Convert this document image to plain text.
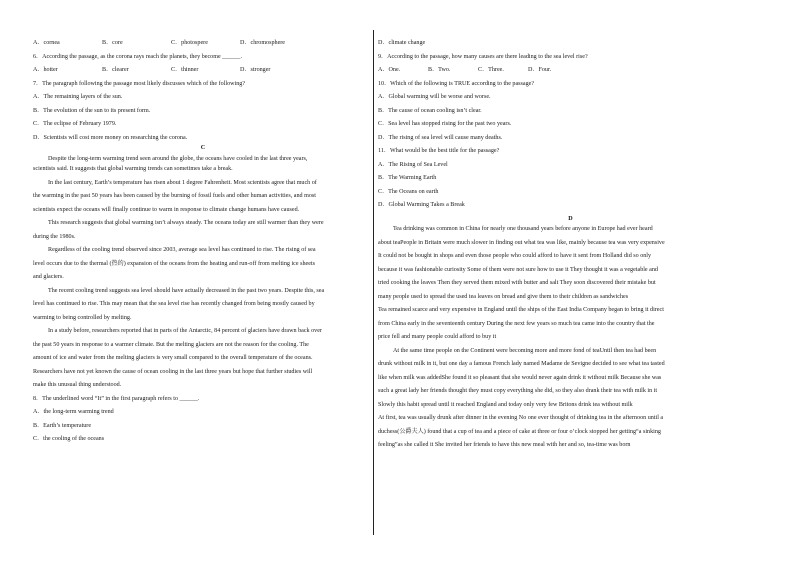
A．cornea	B．core	C．photospere	D．chromosphere
6．According the passage, as the corona rays reach the planets, they become ______.
A．hotter	B．clearer	C．thinner	D．stronger
7．The paragraph following the passage most likely discusses which of the following?
A．The remaining layers of the sun.
B．The evolution of the sun to its present form.
C．The eclipse of February 1979.
D．Scientists will cost more money on researching the corona.
C
Despite the long-term warming trend seen around the globe, the oceans have cooled in the last three years,
scientists said. It suggests that global warming trends can sometimes take a break.
In the last century, Earth’s temperature has risen about 1 degree Fahrenheit. Most scientists agree that much of
the warming in the past 50 years has been caused by the burning of fossil fuels and other human activities, and most
scientists expect the oceans will finally continue to warm in response to climate change humans have caused.
This research suggests that global warming isn’t always steady. The oceans today are still warmer than they were
during the 1980s.
Regardless of the cooling trend observed since 2003, average sea level has continued to rise. The rising of sea
level occurs due to the thermal (热的) expansion of the oceans from the heating and run-off from melting ice sheets
and glaciers.
The recent cooling trend suggests sea level should have actually decreased in the past two years. Despite this, sea
level has continued to rise. This may mean that the sea level rise has recently changed from being mostly caused by
warming to being controlled by melting.
In a study before, researchers reported that in parts of the Antarctic, 84 percent of glaciers have drawn back over
the past 50 years in response to a warmer climate. But the melting glaciers are not the reason for the cooling. The
amount of ice and water from the melting glaciers is very small compared to the overall temperature of the oceans.
Researchers have not yet known the cause of ocean cooling in the last three years but hope that further studies will
make this unusual thing understood.
8．The underlined word “It” in the first paragraph refers to ______.
A．the long-term warming trend
B．Earth’s temperature
C．the cooling of the oceans
D．climate change
9．According to the passage, how many causes are there leading to the sea level rise?
A．One.	B．Two.	C．Three.	D．Four.
10．Which of the following is TRUE according to the passage?
A．Global warming will be worse and worse.
B．The cause of ocean cooling isn’t clear.
C．Sea level has stopped rising for the past two years.
D．The rising of sea level will cause many deaths.
11．What would be the best title for the passage?
A．The Rising of Sea Level
B．The Warming Earth
C．The Oceans on earth
D．Global Warming Takes a Break
D
Tea drinking was common in China for nearly one thousand years before anyone in Europe had ever heard
about teaPeople in Britain were much slower in finding out what tea was like, mainly because tea was very expensive
It could not be bought in shops and even those people who could afford to have it sent from Holland did so only
because it was fashionable curiosity Some of them were not sure how to use it They thought it was a vegetable and
tried cooking the leaves Then they served them mixed with butter and salt They soon discovered their mistake but
many people used to spread the used tea leaves on bread and give them to their children as sandwiches
Tea remained scarce and very expensive in England until the ships of the East India Company began to bring it direct
from China early in the seventeenth century During the next few years so much tea came into the country that the
price fell and many people could afford to buy it
At the same time people on the Continent were becoming more and more fond of teaUntil then tea had been
drunk without milk in it, but one day a famous French lady named Madame de Sevigne decided to see what tea tasted
like when milk was addedShe found it so pleasant that she would never again drink it without milk Because she was
such a great lady her friends thought they must copy everything she did, so they also drank their tea with milk in it
Slowly this habit spread until it reached England and today only very few Britons drink tea without milk
At first, tea was usually drunk after dinner in the evening No one ever thought of drinking tea in the afternoon until a
duchess(公爵夫人) found that a cup of tea and a piece of cake at three or four o’clock stopped her getting“a sinking
feeling”as she called it She invited her friends to have this new meal with her and so, tea-time was born
